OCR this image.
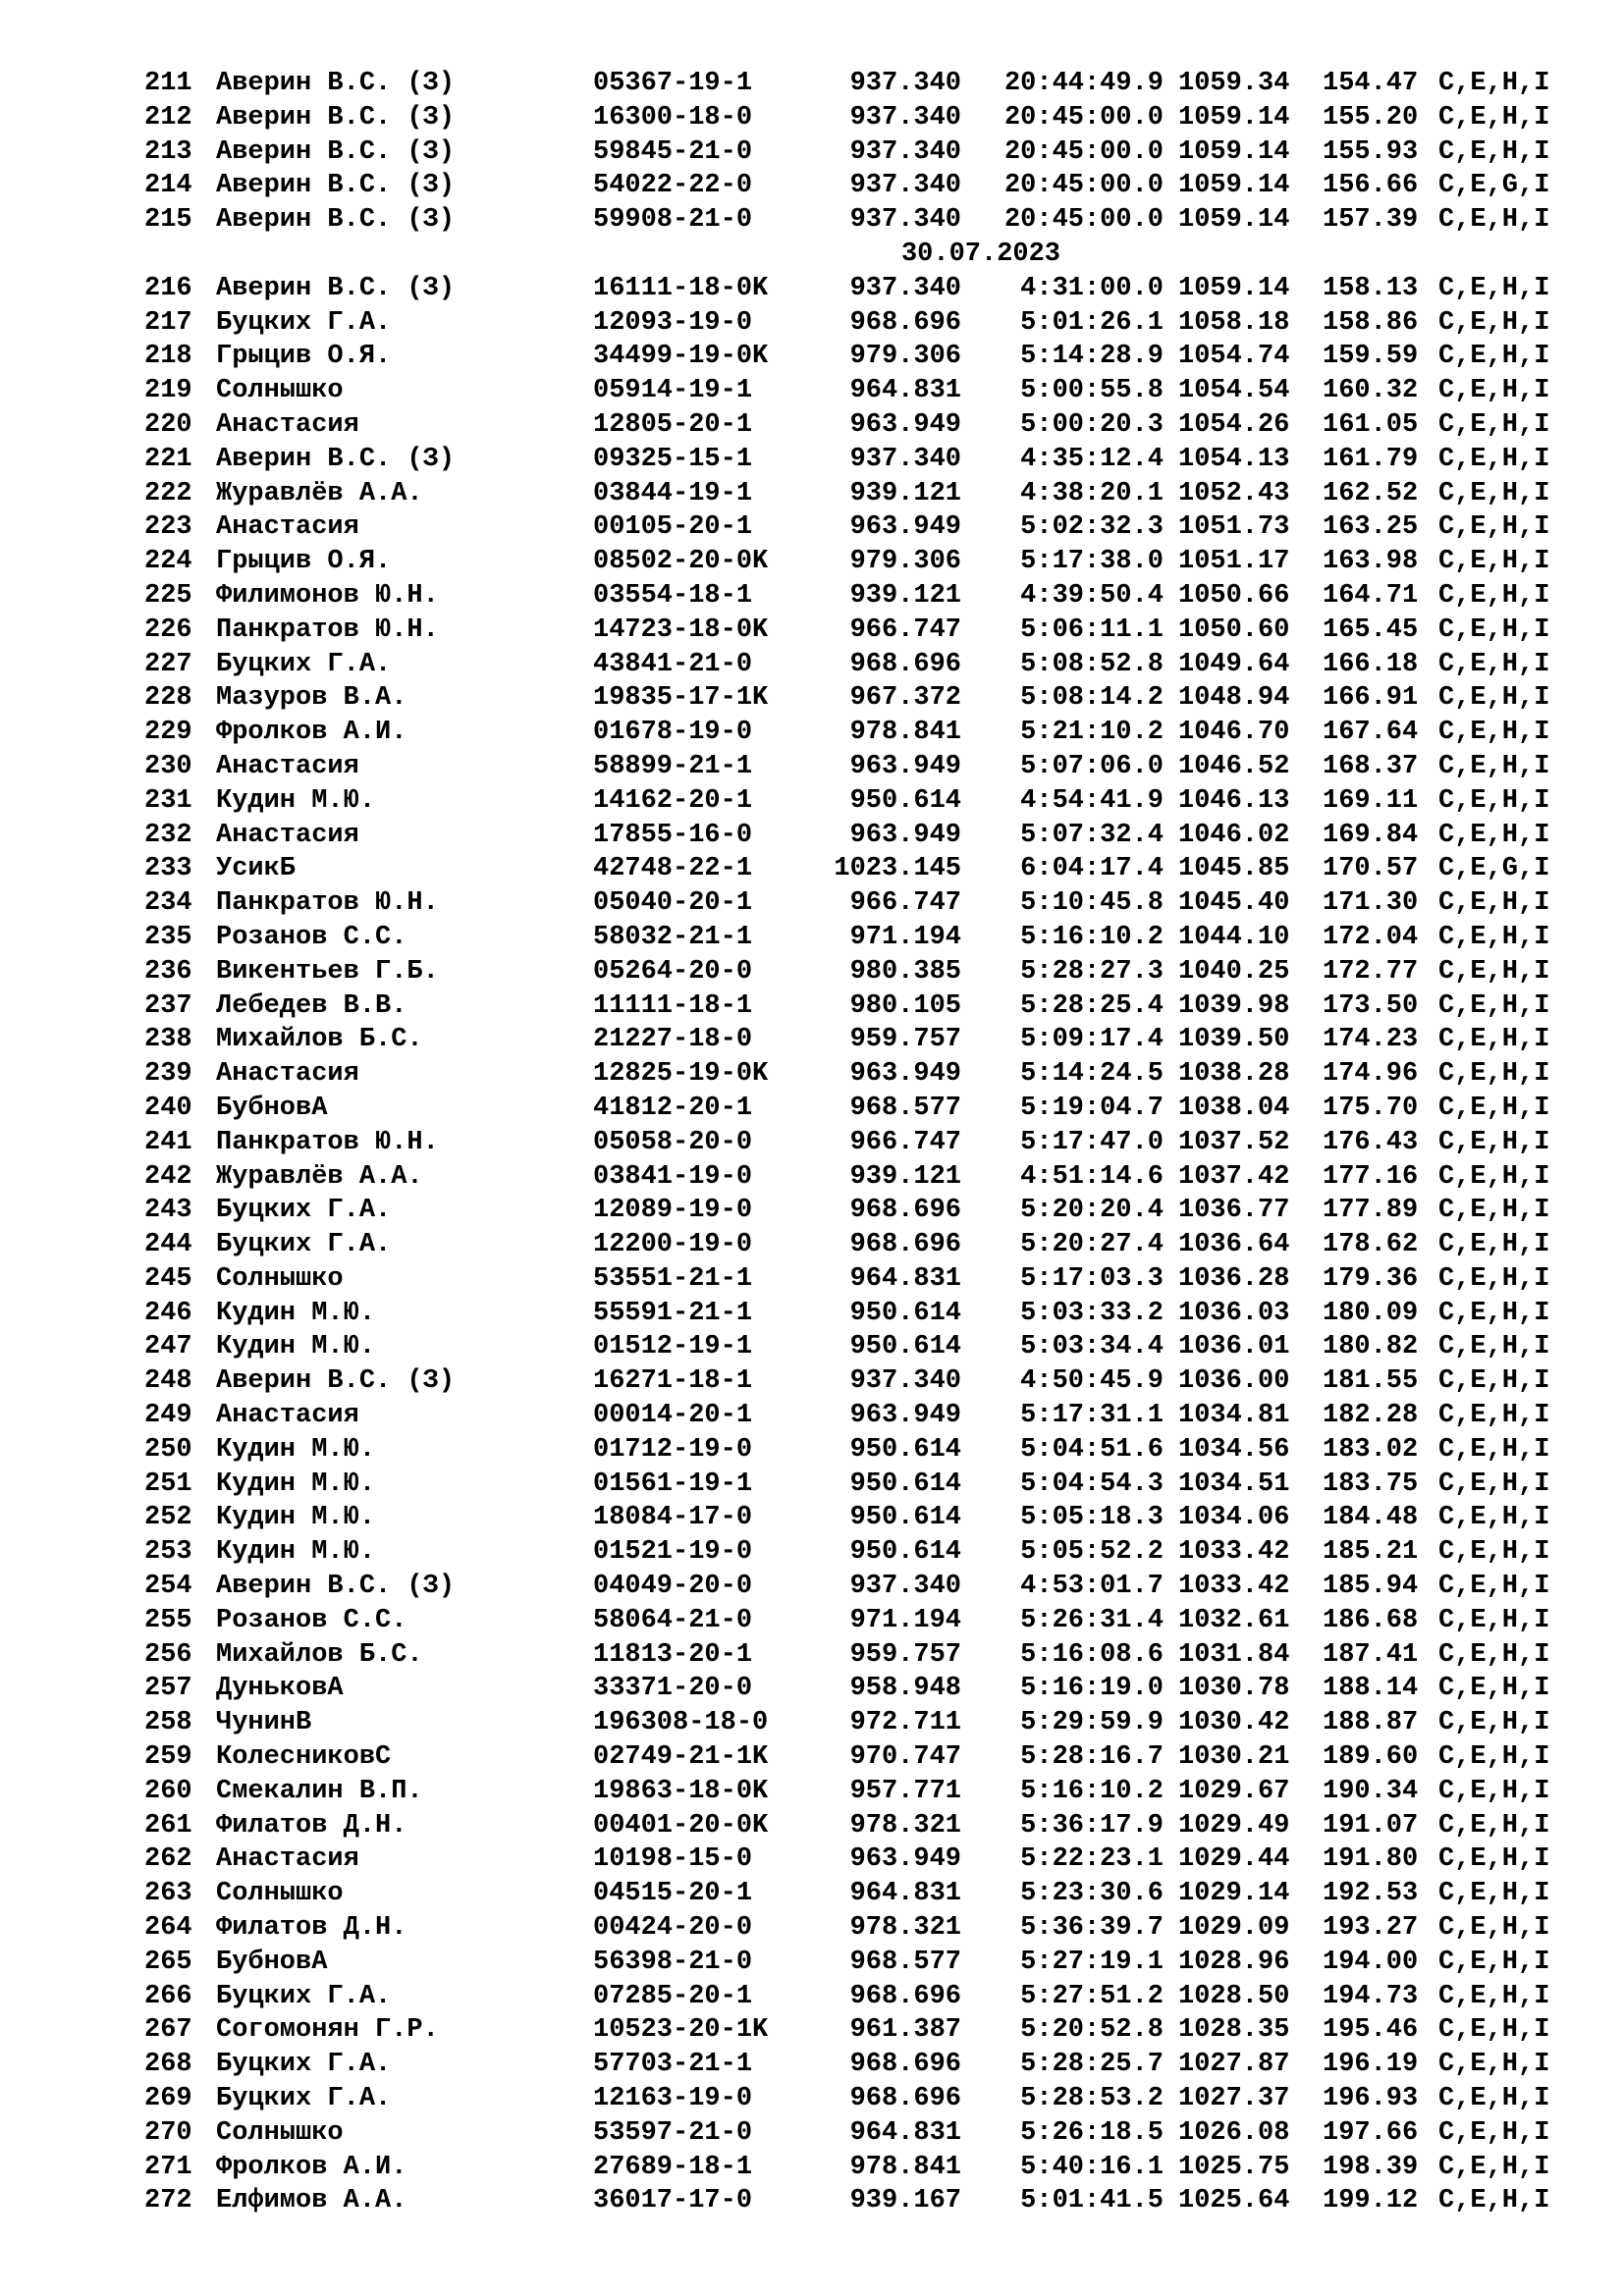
211 Аверин В.С. (З)	05367-19-1	937.340	20:44:49.9 1059.34 154.47 C,E,H,I
212 Аверин В.С. (З)	16300-18-0	937.340	20:45:00.0 1059.14 155.20 C,E,H,I
213 Аверин В.С. (З)	59845-21-0	937.340	20:45:00.0 1059.14 155.93 C,E,H,I
214 Аверин В.С. (З)	54022-22-0	937.340	20:45:00.0 1059.14 156.66 C,E,G,I
215 Аверин В.С. (З)	59908-21-0	937.340	20:45:00.0 1059.14 157.39 C,E,H,I
30.07.2023
216 Аверин В.С. (З)	16111-18-0K	937.340	4:31:00.0 1059.14 158.13 C,E,H,I
217 Буцких Г.А.	12093-19-0	968.696	5:01:26.1 1058.18 158.86 C,E,H,I
218 Грыцив О.Я.	34499-19-0K	979.306	5:14:28.9 1054.74 159.59 C,E,H,I
219 Солнышко	05914-19-1	964.831	5:00:55.8 1054.54 160.32 C,E,H,I
220 Анастасия	12805-20-1	963.949	5:00:20.3 1054.26 161.05 C,E,H,I
221 Аверин В.С. (З)	09325-15-1	937.340	4:35:12.4 1054.13 161.79 C,E,H,I
222 Журавлёв А.А.	03844-19-1	939.121	4:38:20.1 1052.43 162.52 C,E,H,I
223 Анастасия	00105-20-1	963.949	5:02:32.3 1051.73 163.25 C,E,H,I
224 Грыцив О.Я.	08502-20-0K	979.306	5:17:38.0 1051.17 163.98 C,E,H,I
225 Филимонов Ю.Н.	03554-18-1	939.121	4:39:50.4 1050.66 164.71 C,E,H,I
226 Панкратов Ю.Н.	14723-18-0K	966.747	5:06:11.1 1050.60 165.45 C,E,H,I
227 Буцких Г.А.	43841-21-0	968.696	5:08:52.8 1049.64 166.18 C,E,H,I
228 Мазуров В.А.	19835-17-1K	967.372	5:08:14.2 1048.94 166.91 C,E,H,I
229 Фролков А.И.	01678-19-0	978.841	5:21:10.2 1046.70 167.64 C,E,H,I
230 Анастасия	58899-21-1	963.949	5:07:06.0 1046.52 168.37 C,E,H,I
231 Кудин М.Ю.	14162-20-1	950.614	4:54:41.9 1046.13 169.11 C,E,H,I
232 Анастасия	17855-16-0	963.949	5:07:32.4 1046.02 169.84 C,E,H,I
233 УсикБ	42748-22-1	1023.145	6:04:17.4 1045.85 170.57 C,E,G,I
234 Панкратов Ю.Н.	05040-20-1	966.747	5:10:45.8 1045.40 171.30 C,E,H,I
235 Розанов С.С.	58032-21-1	971.194	5:16:10.2 1044.10 172.04 C,E,H,I
236 Викентьев Г.Б.	05264-20-0	980.385	5:28:27.3 1040.25 172.77 C,E,H,I
237 Лебедев В.В.	11111-18-1	980.105	5:28:25.4 1039.98 173.50 C,E,H,I
238 Михайлов Б.С.	21227-18-0	959.757	5:09:17.4 1039.50 174.23 C,E,H,I
239 Анастасия	12825-19-0K	963.949	5:14:24.5 1038.28 174.96 C,E,H,I
240 БубновА	41812-20-1	968.577	5:19:04.7 1038.04 175.70 C,E,H,I
241 Панкратов Ю.Н.	05058-20-0	966.747	5:17:47.0 1037.52 176.43 C,E,H,I
242 Журавлёв А.А.	03841-19-0	939.121	4:51:14.6 1037.42 177.16 C,E,H,I
243 Буцких Г.А.	12089-19-0	968.696	5:20:20.4 1036.77 177.89 C,E,H,I
244 Буцких Г.А.	12200-19-0	968.696	5:20:27.4 1036.64 178.62 C,E,H,I
245 Солнышко	53551-21-1	964.831	5:17:03.3 1036.28 179.36 C,E,H,I
246 Кудин М.Ю.	55591-21-1	950.614	5:03:33.2 1036.03 180.09 C,E,H,I
247 Кудин М.Ю.	01512-19-1	950.614	5:03:34.4 1036.01 180.82 C,E,H,I
248 Аверин В.С. (З)	16271-18-1	937.340	4:50:45.9 1036.00 181.55 C,E,H,I
249 Анастасия	00014-20-1	963.949	5:17:31.1 1034.81 182.28 C,E,H,I
250 Кудин М.Ю.	01712-19-0	950.614	5:04:51.6 1034.56 183.02 C,E,H,I
251 Кудин М.Ю.	01561-19-1	950.614	5:04:54.3 1034.51 183.75 C,E,H,I
252 Кудин М.Ю.	18084-17-0	950.614	5:05:18.3 1034.06 184.48 C,E,H,I
253 Кудин М.Ю.	01521-19-0	950.614	5:05:52.2 1033.42 185.21 C,E,H,I
254 Аверин В.С. (З)	04049-20-0	937.340	4:53:01.7 1033.42 185.94 C,E,H,I
255 Розанов С.С.	58064-21-0	971.194	5:26:31.4 1032.61 186.68 C,E,H,I
256 Михайлов Б.С.	11813-20-1	959.757	5:16:08.6 1031.84 187.41 C,E,H,I
257 ДуньковА	33371-20-0	958.948	5:16:19.0 1030.78 188.14 C,E,H,I
258 ЧунинВ	196308-18-0	972.711	5:29:59.9 1030.42 188.87 C,E,H,I
259 КолесниковС	02749-21-1K	970.747	5:28:16.7 1030.21 189.60 C,E,H,I
260 Смекалин В.П.	19863-18-0K	957.771	5:16:10.2 1029.67 190.34 C,E,H,I
261 Филатов Д.Н.	00401-20-0K	978.321	5:36:17.9 1029.49 191.07 C,E,H,I
262 Анастасия	10198-15-0	963.949	5:22:23.1 1029.44 191.80 C,E,H,I
263 Солнышко	04515-20-1	964.831	5:23:30.6 1029.14 192.53 C,E,H,I
264 Филатов Д.Н.	00424-20-0	978.321	5:36:39.7 1029.09 193.27 C,E,H,I
265 БубновА	56398-21-0	968.577	5:27:19.1 1028.96 194.00 C,E,H,I
266 Буцких Г.А.	07285-20-1	968.696	5:27:51.2 1028.50 194.73 C,E,H,I
267 Согомонян Г.Р.	10523-20-1K	961.387	5:20:52.8 1028.35 195.46 C,E,H,I
268 Буцких Г.А.	57703-21-1	968.696	5:28:25.7 1027.87 196.19 C,E,H,I
269 Буцких Г.А.	12163-19-0	968.696	5:28:53.2 1027.37 196.93 C,E,H,I
270 Солнышко	53597-21-0	964.831	5:26:18.5 1026.08 197.66 C,E,H,I
271 Фролков А.И.	27689-18-1	978.841	5:40:16.1 1025.75 198.39 C,E,H,I
272 Елфимов А.А.	36017-17-0	939.167	5:01:41.5 1025.64 199.12 C,E,H,I
